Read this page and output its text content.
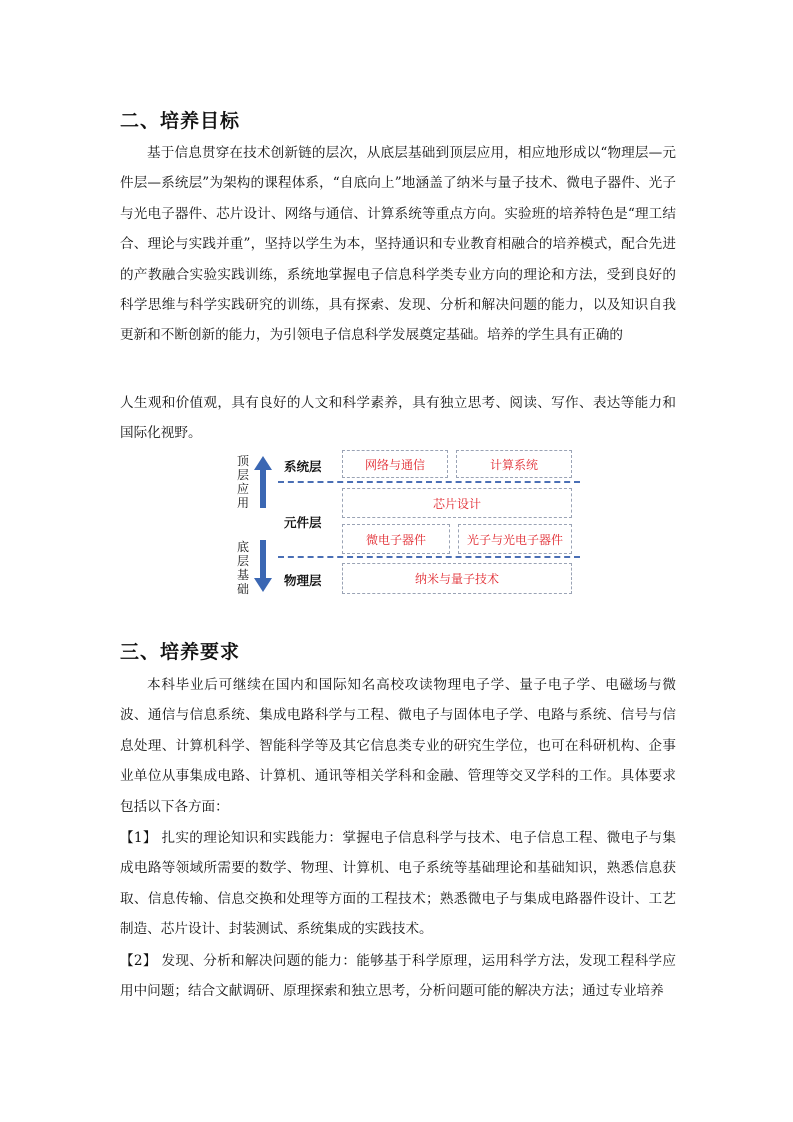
二、培养目标

基于信息贯穿在技术创新链的层次，从底层基础到顶层应用，相应地形成以“物理层—元件层—系统层”为架构的课程体系，“自底向上”地涵盖了纳米与量子技术、微电子器件、光子与光电子器件、芯片设计、网络与通信、计算系统等重点方向。实验班的培养特色是“理工结合、理论与实践并重”，坚持以学生为本，坚持通识和专业教育相融合的培养模式，配合先进的产教融合实验实践训练，系统地掌握电子信息科学类专业方向的理论和方法，受到良好的科学思维与科学实践研究的训练，具有探索、发现、分析和解决问题的能力，以及知识自我更新和不断创新的能力，为引领电子信息科学发展奠定基础。培养的学生具有正确的

人生观和价值观，具有良好的人文和科学素养，具有独立思考、阅读、写作、表达等能力和国际化视野。

顶层应用
底层基础
系统层
元件层
物理层
网络与通信	计算系统
芯片设计
微电子器件	光子与光电子器件
纳米与量子技术
三、培养要求

本科毕业后可继续在国内和国际知名高校攻读物理电子学、量子电子学、电磁场与微波、通信与信息系统、集成电路科学与工程、微电子与固体电子学、电路与系统、信号与信息处理、计算机科学、智能科学等及其它信息类专业的研究生学位，也可在科研机构、企事业单位从事集成电路、计算机、通讯等相关学科和金融、管理等交叉学科的工作。具体要求包括以下各方面：

【1】 扎实的理论知识和实践能力：掌握电子信息科学与技术、电子信息工程、微电子与集成电路等领域所需要的数学、物理、计算机、电子系统等基础理论和基础知识，熟悉信息获取、信息传输、信息交换和处理等方面的工程技术；熟悉微电子与集成电路器件设计、工艺制造、芯片设计、封装测试、系统集成的实践技术。

【2】 发现、分析和解决问题的能力：能够基于科学原理，运用科学方法，发现工程科学应用中问题；结合文献调研、原理探索和独立思考，分析问题可能的解决方法；通过专业培养
